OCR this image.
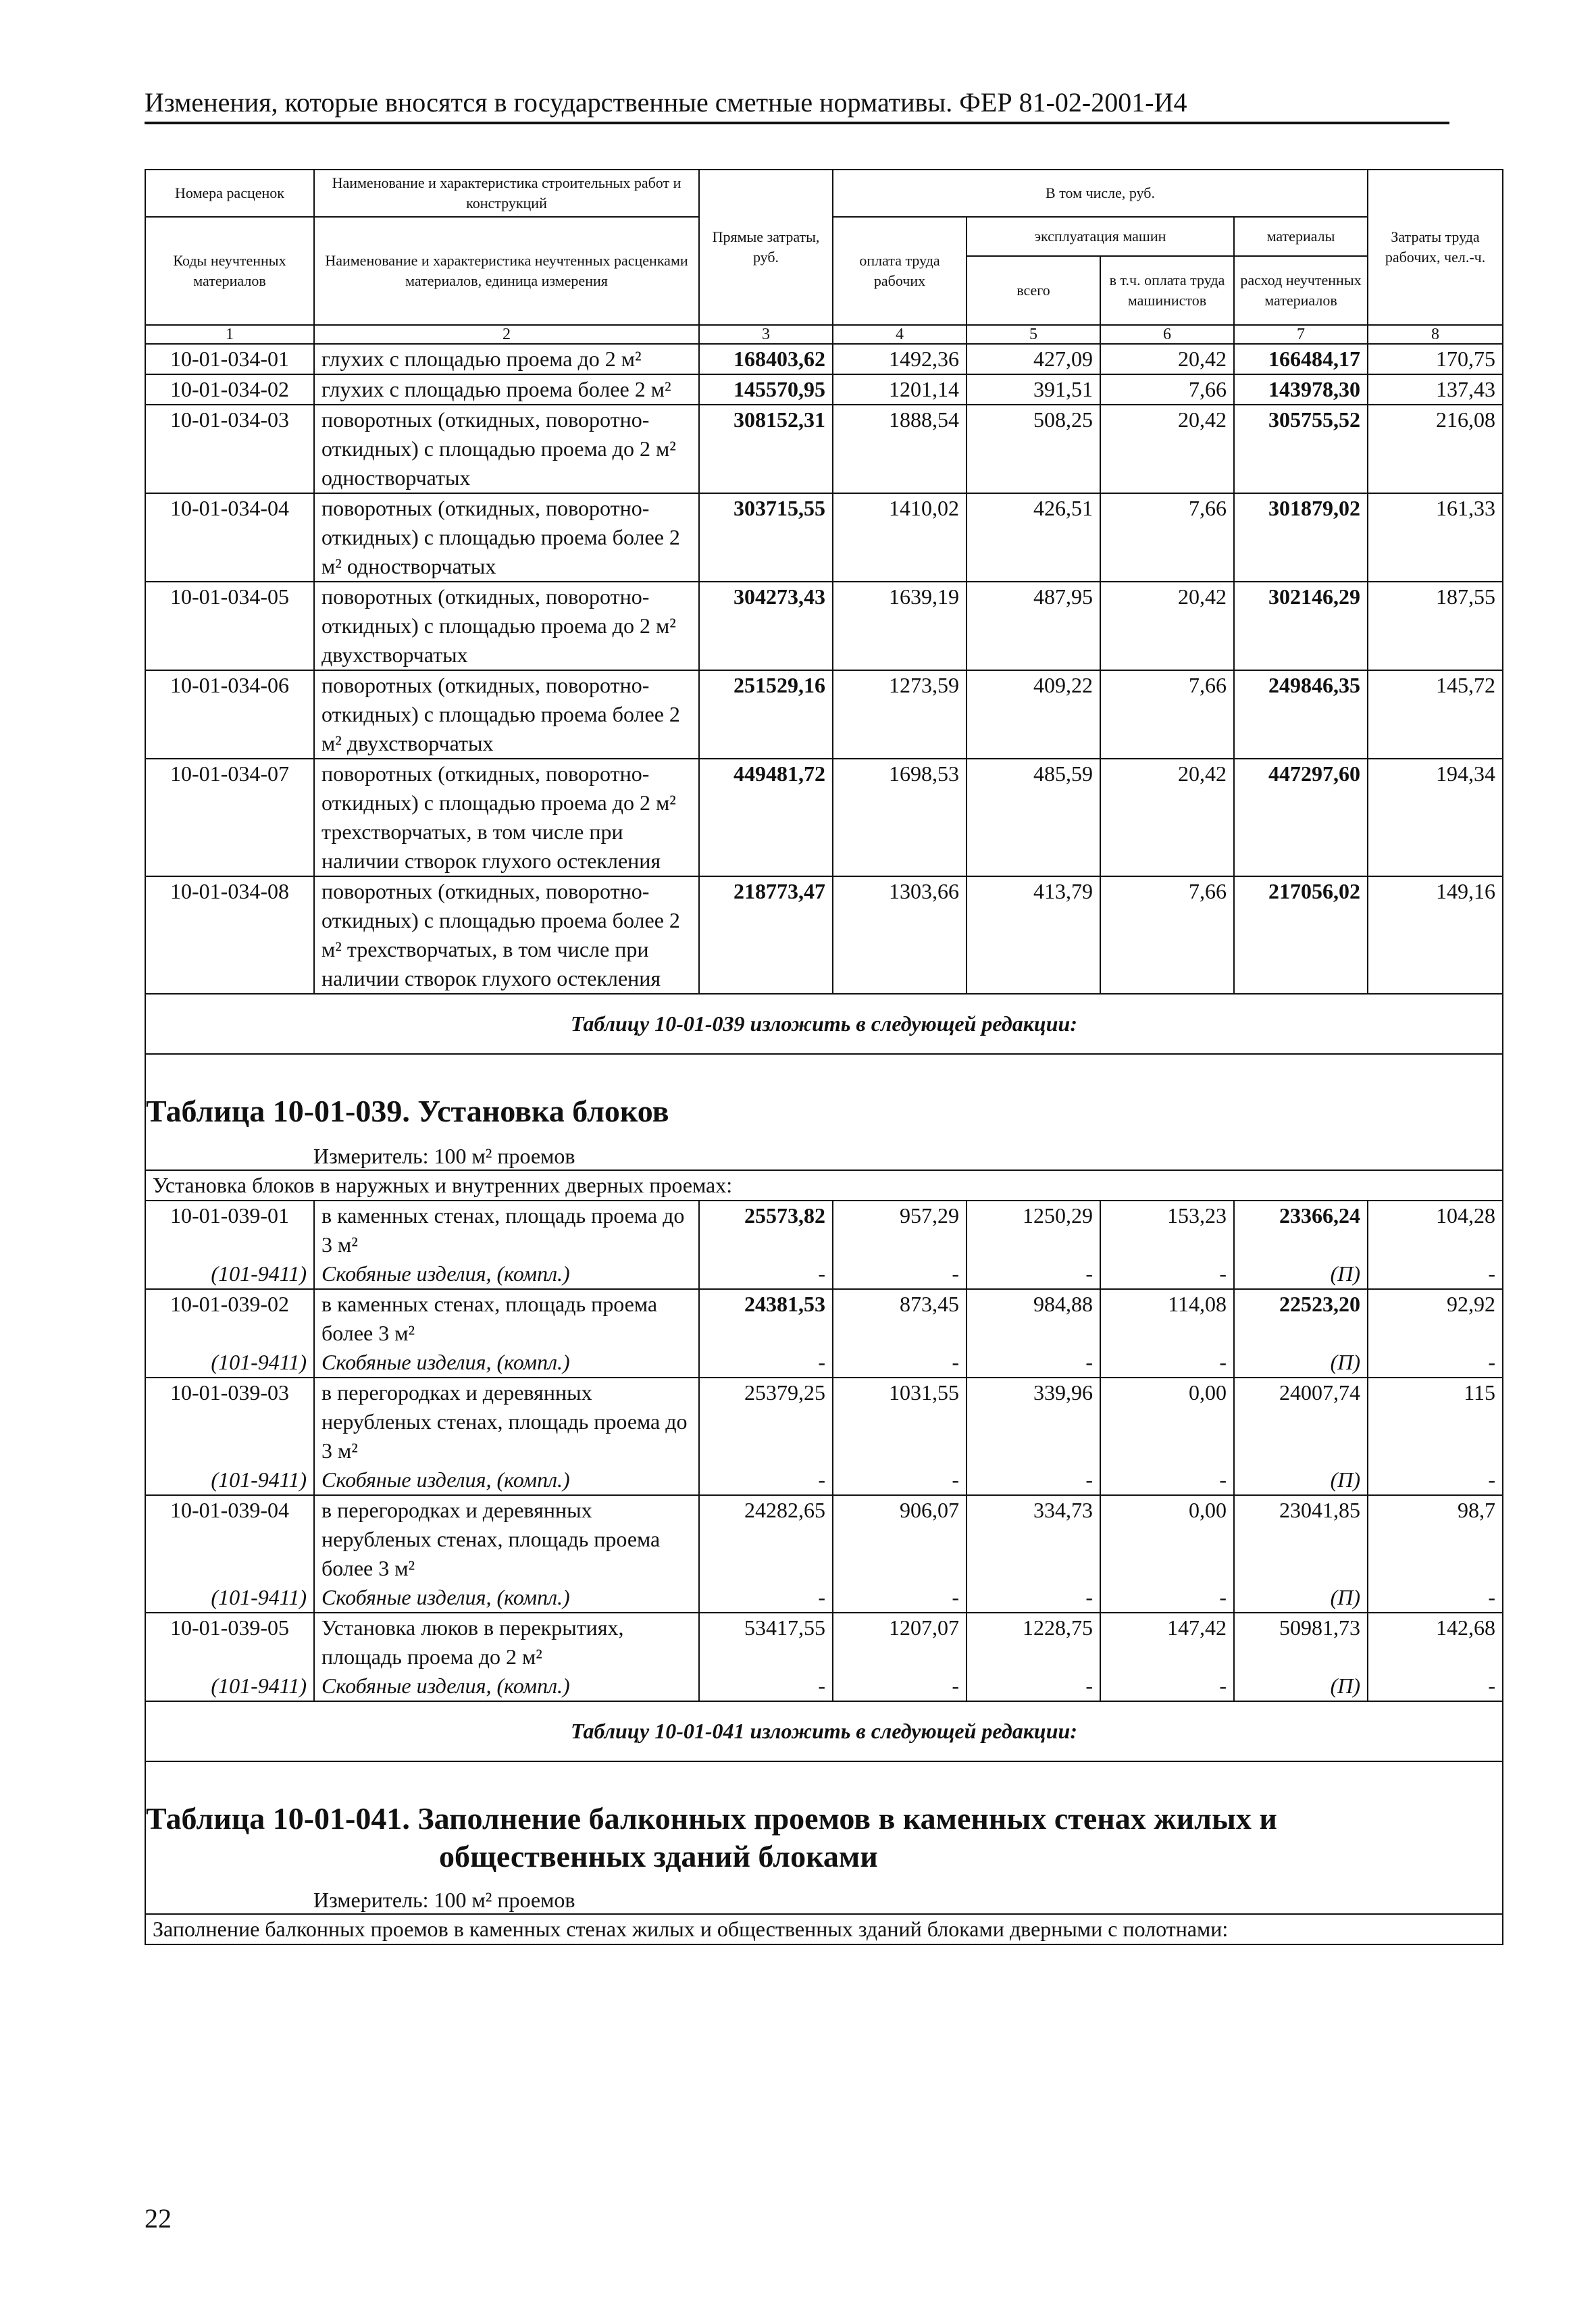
Изменения, которые вносятся в государственные сметные нормативы. ФЕР 81-02-2001-И4
Номера расценок	Наименование и характеристика строительных работ и конструкций	Прямые затраты, руб.	В том числе, руб.				Затраты труда рабочих, чел.-ч.
Коды неучтенных материалов	Наименование и характеристика неучтенных расценками материалов, единица измерения		оплата труда рабочих	эксплуатация машин		материалы	
				всего	в т.ч. оплата труда машинистов	расход неучтенных материалов	
1	2	3	4	5	6	7	8
10-01-034-01	глухих с площадью проема до 2 м²	168403,62	1492,36	427,09	20,42	166484,17	170,75
10-01-034-02	глухих с площадью проема более 2 м²	145570,95	1201,14	391,51	7,66	143978,30	137,43
10-01-034-03	поворотных (откидных, поворотно-откидных) с площадью проема до 2 м² одностворчатых	308152,31	1888,54	508,25	20,42	305755,52	216,08
10-01-034-04	поворотных (откидных, поворотно-откидных) с площадью проема более 2 м² одностворчатых	303715,55	1410,02	426,51	7,66	301879,02	161,33
10-01-034-05	поворотных (откидных, поворотно-откидных) с площадью проема до 2 м² двухстворчатых	304273,43	1639,19	487,95	20,42	302146,29	187,55
10-01-034-06	поворотных (откидных, поворотно-откидных) с площадью проема более 2 м² двухстворчатых	251529,16	1273,59	409,22	7,66	249846,35	145,72
10-01-034-07	поворотных (откидных, поворотно-откидных) с площадью проема до 2 м² трехстворчатых, в том числе при наличии створок глухого остекления	449481,72	1698,53	485,59	20,42	447297,60	194,34
10-01-034-08	поворотных (откидных, поворотно-откидных) с площадью проема более 2 м² трехстворчатых, в том числе при наличии створок глухого остекления	218773,47	1303,66	413,79	7,66	217056,02	149,16
Таблицу 10-01-039 изложить в следующей редакции:							

Таблица 10-01-039. Установка блоков
Измеритель: 100 м² проемов							

Установка блоков в наружных и внутренних дверных проемах:							

10-01-039-01	в каменных стенах, площадь проема до 3 м²	25573,82	957,29	1250,29	153,23	23366,24	104,28
(101-9411)	Скобяные изделия, (компл.)	-	-	-	-	(П)	-

10-01-039-02	в каменных стенах, площадь проема более 3 м²	24381,53	873,45	984,88	114,08	22523,20	92,92
(101-9411)	Скобяные изделия, (компл.)	-	-	-	-	(П)	-

10-01-039-03	в перегородках и деревянных нерубленых стенах, площадь проема до 3 м²	25379,25	1031,55	339,96	0,00	24007,74	115
(101-9411)	Скобяные изделия, (компл.)	-	-	-	-	(П)	-

10-01-039-04	в перегородках и деревянных нерубленых стенах, площадь проема более 3 м²	24282,65	906,07	334,73	0,00	23041,85	98,7
(101-9411)	Скобяные изделия, (компл.)	-	-	-	-	(П)	-

10-01-039-05	Установка люков в перекрытиях, площадь проема до 2 м²	53417,55	1207,07	1228,75	147,42	50981,73	142,68
(101-9411)	Скобяные изделия, (компл.)	-	-	-	-	(П)	-
Таблицу 10-01-041 изложить в следующей редакции:							

Таблица 10-01-041. Заполнение балконных проемов в каменных стенах жилых и
общественных зданий блоками
Измеритель: 100 м² проемов							

Заполнение балконных проемов в каменных стенах жилых и общественных зданий блоками дверными с полотнами:							
22
